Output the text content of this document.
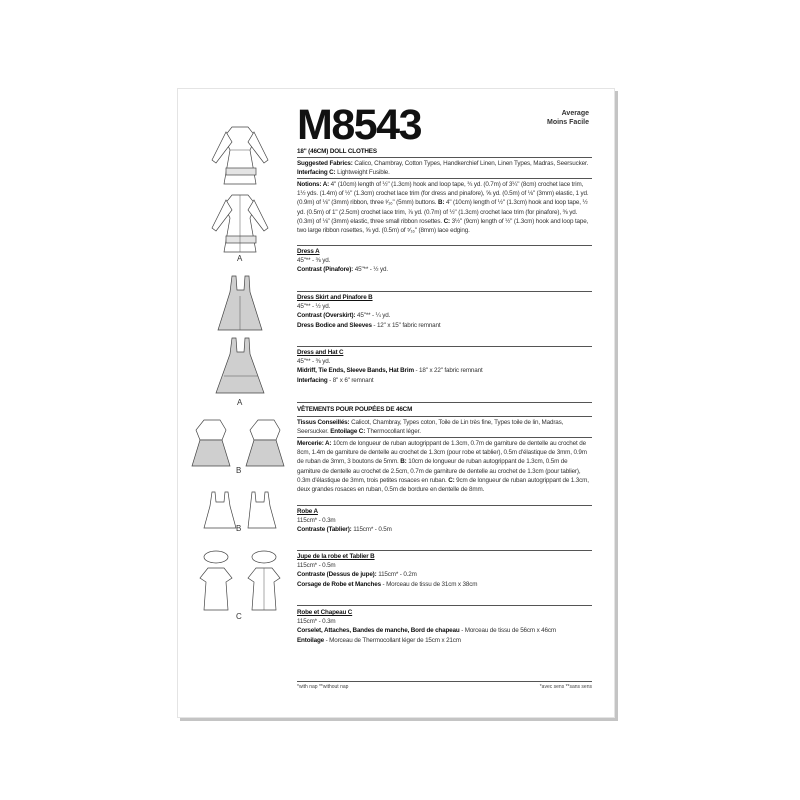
A
A
B
B
C
M8543	Average
Moins Facile
18" (46CM) DOLL CLOTHES
Suggested Fabrics: Calico, Chambray, Cotton Types, Handkerchief Linen, Linen Types, Madras, Seersucker.
Interfacing C: Lightweight Fusible.
Notions: A: 4" (10cm) length of ½" (1.3cm) hook and loop tape, ¾ yd. (0.7m) of 3¼" (8cm) crochet lace trim, 1½ yds. (1.4m) of ½" (1.3cm) crochet lace trim (for dress and pinafore), ⅝ yd. (0.5m) of ⅛" (3mm) elastic, 1 yd. (0.9m) of ⅛" (3mm) ribbon, three ³⁄₁₆" (5mm) buttons. B: 4" (10cm) length of ½" (1.3cm) hook and loop tape, ½ yd. (0.5m) of 1" (2.5cm) crochet lace trim, ⅞ yd. (0.7m) of ½" (1.3cm) crochet lace trim (for pinafore), ⅜ yd. (0.3m) of ⅛" (3mm) elastic, three small ribbon rosettes. C: 3½" (9cm) length of ½" (1.3cm) hook and loop tape, two large ribbon rosettes, ⅝ yd. (0.5m) of ⁵⁄₁₆" (8mm) lace edging.
Dress A
45"** - ⅜ yd.
Contrast (Pinafore): 45"** - ½ yd.
Dress Skirt and Pinafore B
45"** - ½ yd.
Contrast (Overskirt): 45"** - ¼ yd.
Dress Bodice and Sleeves - 12" x 15" fabric remnant
Dress and Hat C
45"** - ⅜ yd.
Midriff, Tie Ends, Sleeve Bands, Hat Brim - 18" x 22" fabric remnant
Interfacing - 8" x 6" remnant
VÊTEMENTS POUR POUPÉES DE 46CM
Tissus Conseillés: Calicot, Chambray, Types coton, Toile de Lin très fine, Types toile de lin, Madras, Seersucker. Entoilage C: Thermocollant léger.
Mercerie: A: 10cm de longueur de ruban autogrippant de 1.3cm, 0.7m de garniture de dentelle au crochet de 8cm, 1.4m de garniture de dentelle au crochet de 1.3cm (pour robe et tablier), 0.5m d'élastique de 3mm, 0.9m de ruban de 3mm, 3 boutons de 5mm. B: 10cm de longueur de ruban autogrippant de 1.3cm, 0.5m de garniture de dentelle au crochet de 2.5cm, 0.7m de garniture de dentelle au crochet de 1.3cm (pour tablier), 0.3m d'élastique de 3mm, trois petites rosaces en ruban. C: 9cm de longueur de ruban autogrippant de 1.3cm, deux grandes rosaces en ruban, 0.5m de bordure en dentelle de 8mm.
Robe A
115cm* - 0.3m
Contraste (Tablier): 115cm* - 0.5m
Jupe de la robe et Tablier B
115cm* - 0.5m
Contraste (Dessus de jupe): 115cm* - 0.2m
Corsage de Robe et Manches - Morceau de tissu de 31cm x 38cm
Robe et Chapeau C
115cm* - 0.3m
Corselet, Attaches, Bandes de manche, Bord de chapeau - Morceau de tissu de 56cm x 46cm
Entoilage - Morceau de Thermocollant léger de 15cm x 21cm
*with nap **without nap	*avec sens **sans sens
